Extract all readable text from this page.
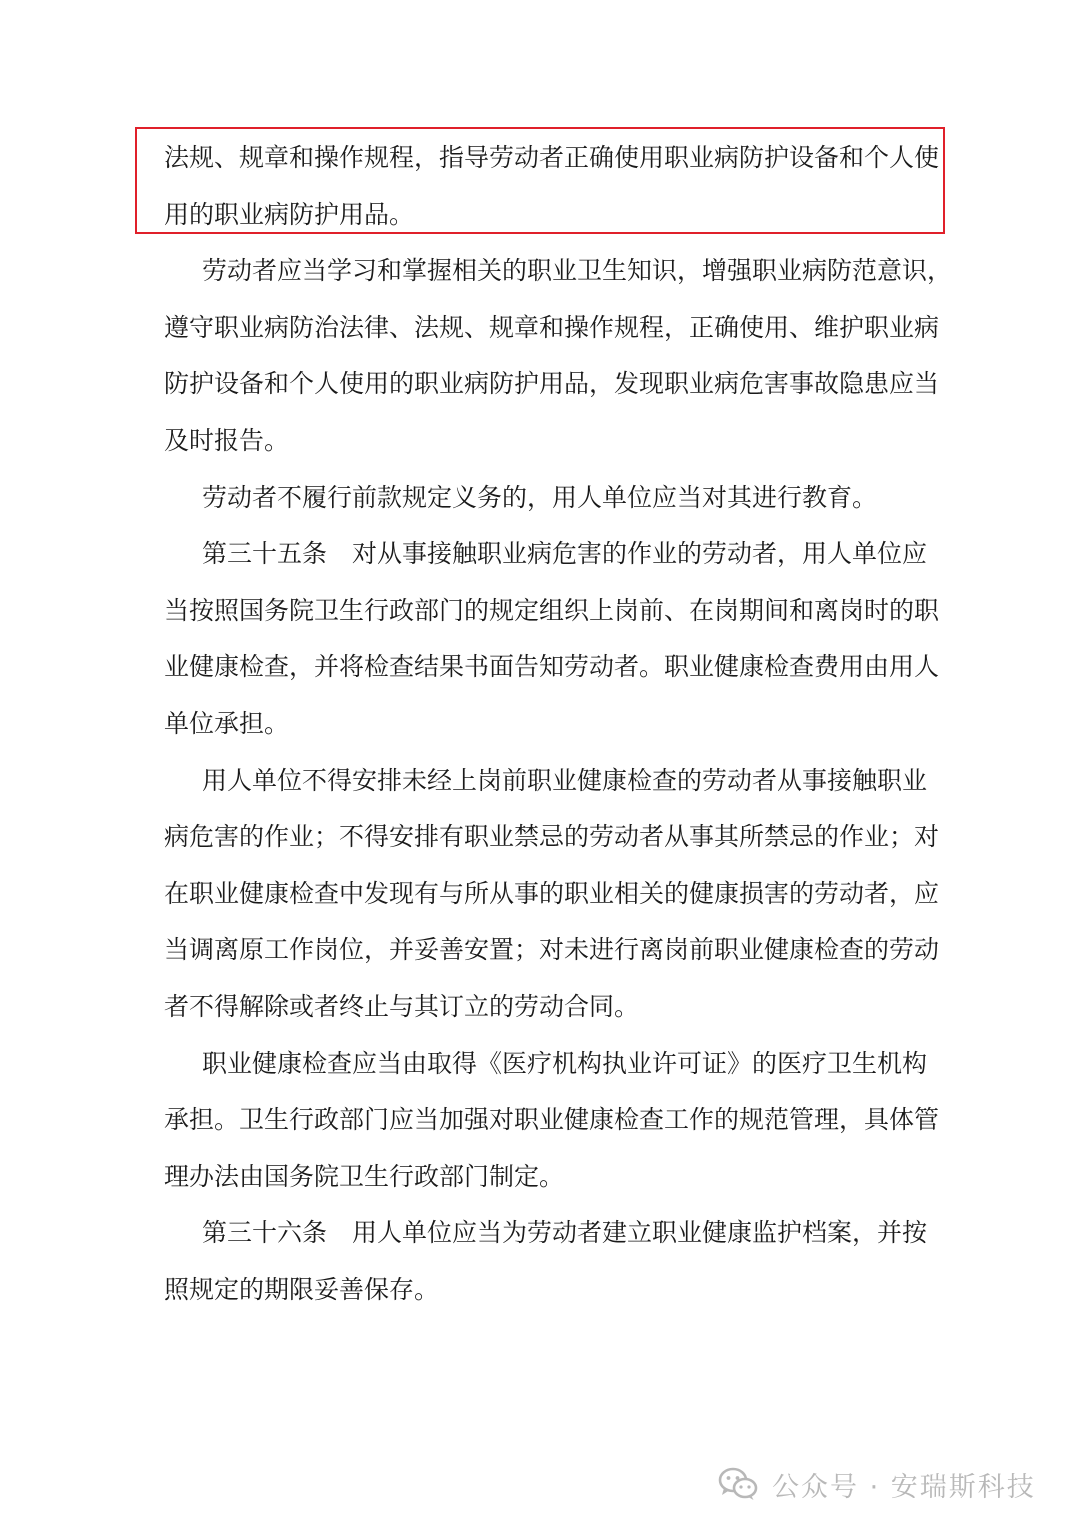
法规、规章和操作规程，指导劳动者正确使用职业病防护设备和个人使
用的职业病防护用品。
劳动者应当学习和掌握相关的职业卫生知识，增强职业病防范意识，
遵守职业病防治法律、法规、规章和操作规程，正确使用、维护职业病
防护设备和个人使用的职业病防护用品，发现职业病危害事故隐患应当
及时报告。
劳动者不履行前款规定义务的，用人单位应当对其进行教育。
第三十五条　对从事接触职业病危害的作业的劳动者，用人单位应
当按照国务院卫生行政部门的规定组织上岗前、在岗期间和离岗时的职
业健康检查，并将检查结果书面告知劳动者。职业健康检查费用由用人
单位承担。
用人单位不得安排未经上岗前职业健康检查的劳动者从事接触职业
病危害的作业；不得安排有职业禁忌的劳动者从事其所禁忌的作业；对
在职业健康检查中发现有与所从事的职业相关的健康损害的劳动者，应
当调离原工作岗位，并妥善安置；对未进行离岗前职业健康检查的劳动
者不得解除或者终止与其订立的劳动合同。
职业健康检查应当由取得《医疗机构执业许可证》的医疗卫生机构
承担。卫生行政部门应当加强对职业健康检查工作的规范管理，具体管
理办法由国务院卫生行政部门制定。
第三十六条　用人单位应当为劳动者建立职业健康监护档案，并按
照规定的期限妥善保存。
公众号 · 安瑞斯科技
